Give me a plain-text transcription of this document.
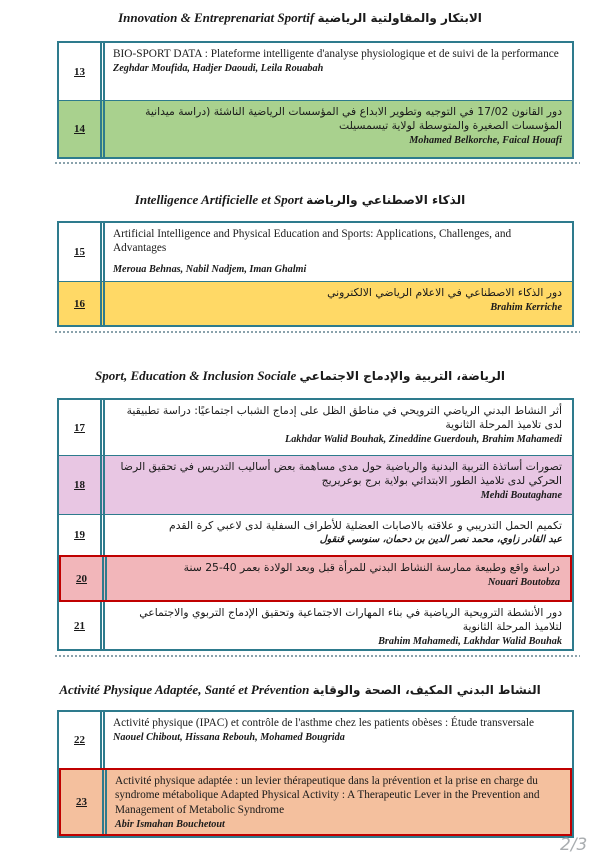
Innovation & Entreprenariat Sportif الابتكار والمقاولتية الرياضية
13
BIO-SPORT DATA : Plateforme intelligente d'analyse physiologique et de suivi de la performance
Zeghdar Moufida, Hadjer Daoudi, Leila Rouabah
14
دور القانون 17/02 في التوجيه وتطوير الابداع في المؤسسات الرياضية الناشئة (دراسة ميدانية المؤسسات الصغيرة والمتوسطة لولاية تيسمسيلت
Mohamed Belkorche, Faical Houafi
Intelligence Artificielle et Sport الذكاء الاصطناعي والرياضة
15
Artificial Intelligence and Physical Education and Sports: Applications, Challenges, and Advantages
Meroua Behnas, Nabil Nadjem, Iman Ghalmi
16
دور الذكاء الاصطناعي في الاعلام الرياضي الالكتروني
Brahim Kerriche
Sport, Education & Inclusion Sociale الرياضة، التربية والإدماج الاجتماعي
17
أثر النشاط البدني الرياضي الترويحي في مناطق الظل على إدماج الشباب اجتماعيًا: دراسة تطبيقية لدى تلاميذ المرحلة الثانوية
Lakhdar Walid Bouhak, Zineddine Guerdouh, Brahim Mahamedi
18
تصورات أساتذة التربية البدنية والرياضية حول مدى مساهمة بعض أساليب التدريس في تحقيق الرضا الحركي لدى تلاميذ الطور الابتدائي بولاية برج بوعريريج
Mehdi Boutaghane
19
تكميم الحمل التدريبي و علاقته بالاصابات العضلية للأطراف السفلية لدى لاعبي كرة القدم
عبد القادر زاوي، محمد نصر الدين بن دحمان، سنوسي قنقول
20
دراسة واقع وطبيعة ممارسة النشاط البدني للمرأة قبل وبعد الولادة بعمر 40-25 سنة
Nouari Boutobza
21
دور الأنشطة الترويحية الرياضية في بناء المهارات الاجتماعية وتحقيق الإدماج التربوي والاجتماعي لتلاميذ المرحلة الثانوية
Brahim Mahamedi, Lakhdar Walid Bouhak
Activité Physique Adaptée, Santé et Prévention النشاط البدني المكيف، الصحة والوقاية
22
Activité physique (IPAC) et contrôle de l'asthme chez les patients obèses : Étude transversale
Naouel Chibout, Hissana Rebouh, Mohamed Bougrida
23
Activité physique adaptée : un levier thérapeutique dans la prévention et la prise en charge du syndrome métabolique Adapted Physical Activity : A Therapeutic Lever in the Prevention and Management of Metabolic Syndrome
Abir Ismahan Bouchetout
2/3
